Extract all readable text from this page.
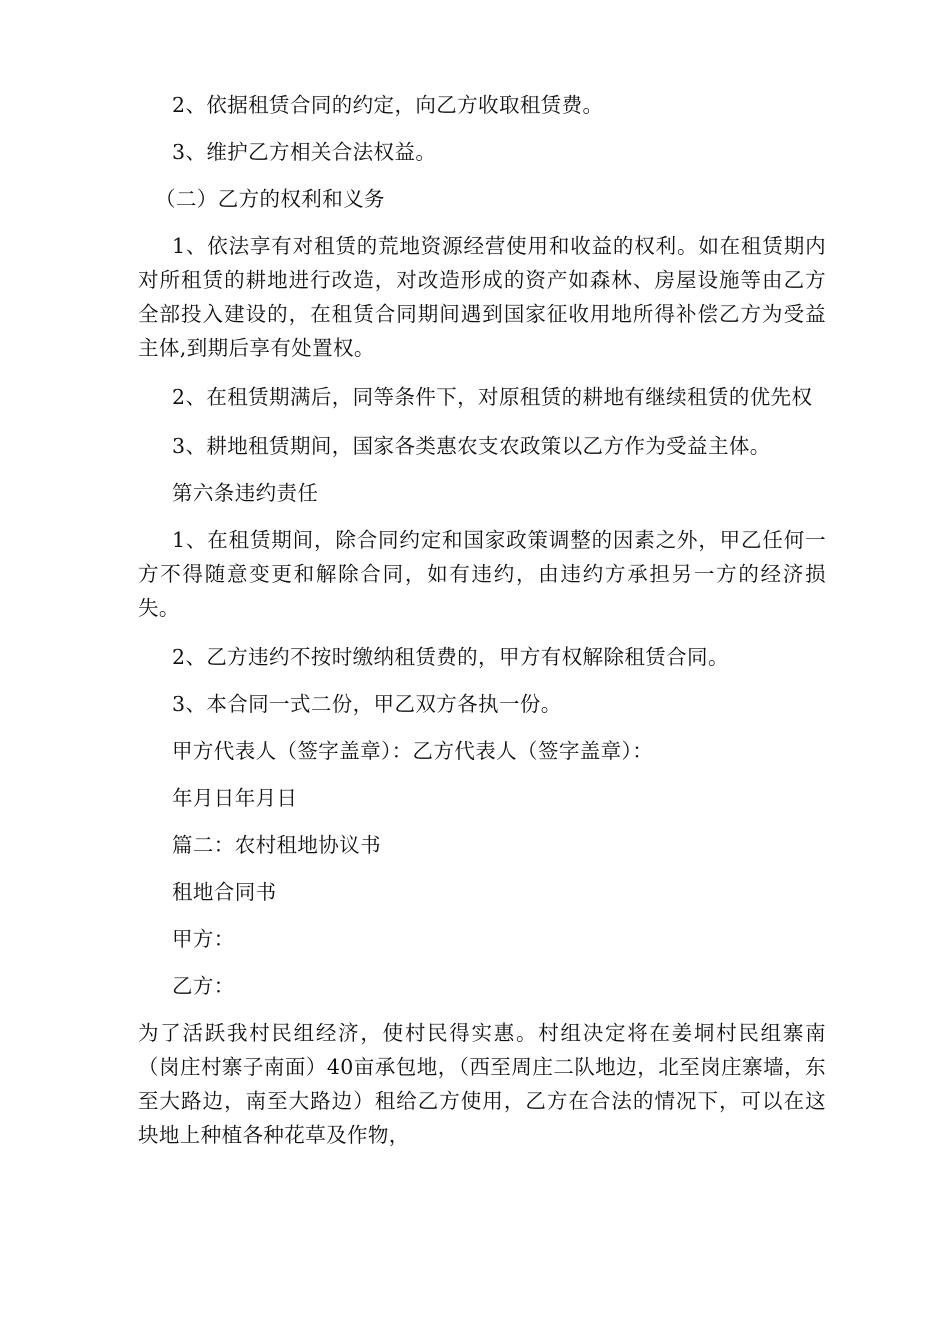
2、依据租赁合同的约定，向乙方收取租赁费。

3、维护乙方相关合法权益。

（二）乙方的权利和义务

1、依法享有对租赁的荒地资源经营使用和收益的权利。如在租赁期内对所租赁的耕地进行改造，对改造形成的资产如森林、房屋设施等由乙方全部投入建设的，在租赁合同期间遇到国家征收用地所得补偿乙方为受益主体,到期后享有处置权。

2、在租赁期满后，同等条件下，对原租赁的耕地有继续租赁的优先权

3、耕地租赁期间，国家各类惠农支农政策以乙方作为受益主体。

第六条违约责任

1、在租赁期间，除合同约定和国家政策调整的因素之外，甲乙任何一方不得随意变更和解除合同，如有违约，由违约方承担另一方的经济损失。

2、乙方违约不按时缴纳租赁费的，甲方有权解除租赁合同。

3、本合同一式二份，甲乙双方各执一份。

甲方代表人（签字盖章）：乙方代表人（签字盖章）：

年月日年月日

篇二：农村租地协议书

租地合同书

甲方：

乙方：

为了活跃我村民组经济，使村民得实惠。村组决定将在姜垌村民组寨南（岗庄村寨子南面）40亩承包地，（西至周庄二队地边，北至岗庄寨墙，东至大路边，南至大路边）租给乙方使用，乙方在合法的情况下，可以在这块地上种植各种花草及作物，
